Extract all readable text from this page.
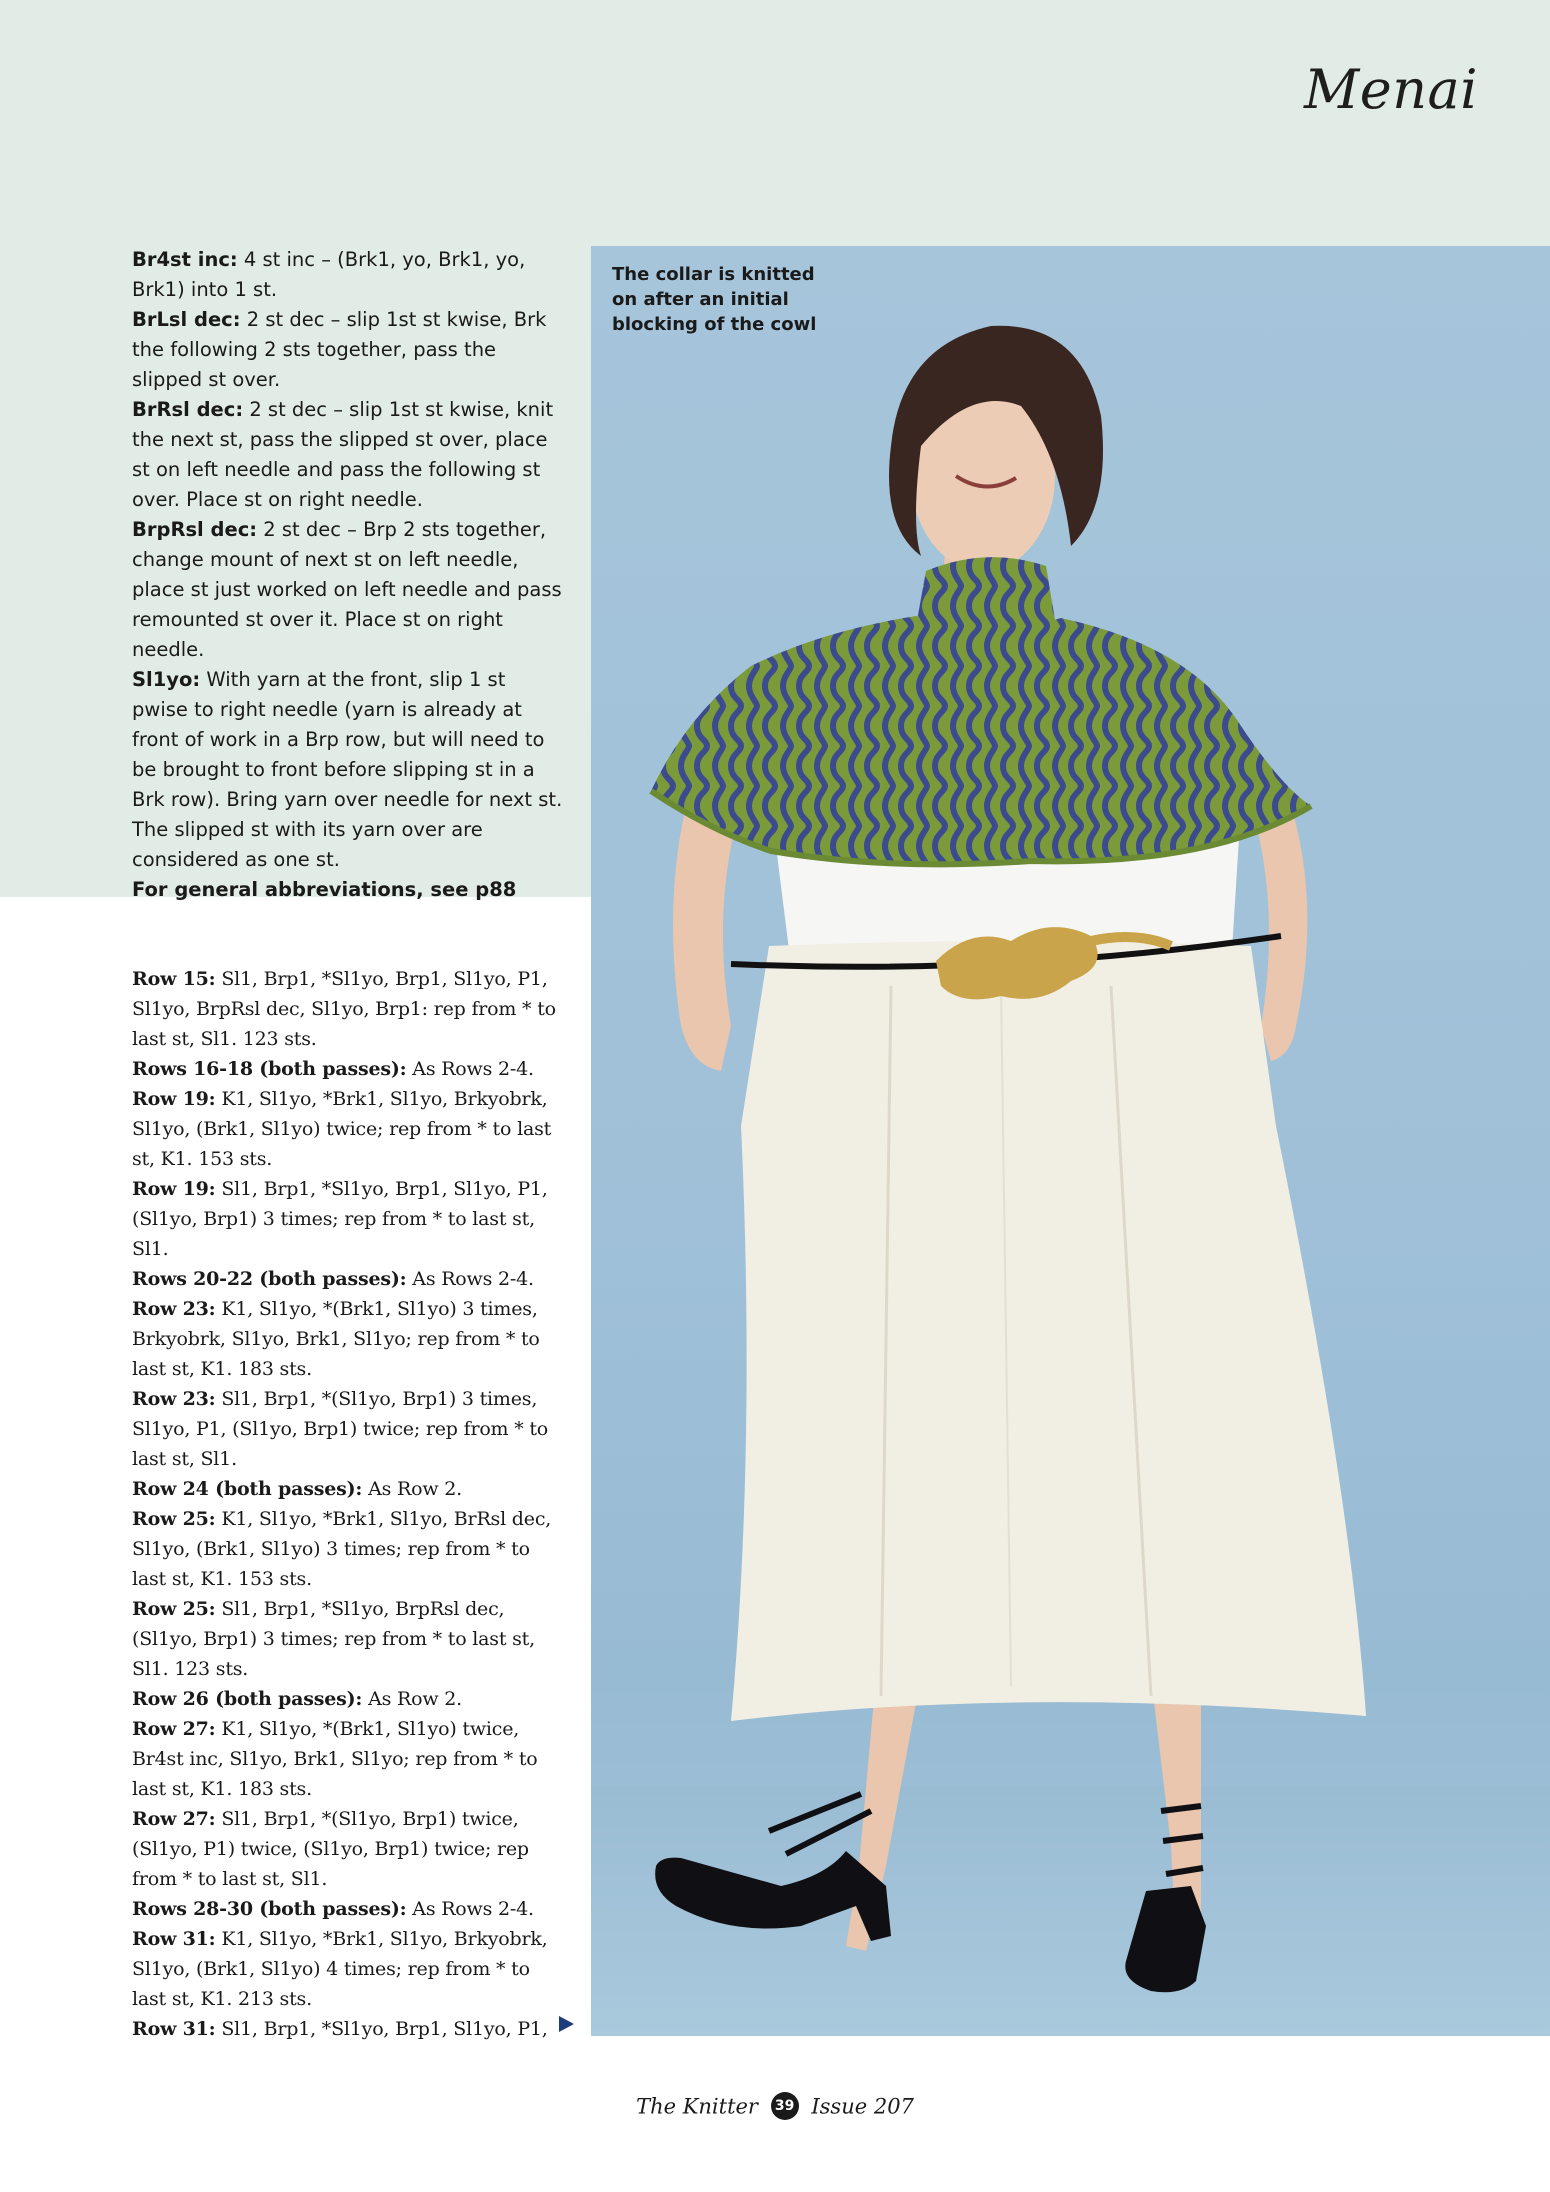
Menai

Br4st inc: 4 st inc – (Brk1, yo, Brk1, yo, Brk1) into 1 st.

BrLsl dec: 2 st dec – slip 1st st kwise, Brk the following 2 sts together, pass the slipped st over.

BrRsl dec: 2 st dec – slip 1st st kwise, knit the next st, pass the slipped st over, place st on left needle and pass the following st over. Place st on right needle.

BrpRsl dec: 2 st dec – Brp 2 sts together, change mount of next st on left needle, place st just worked on left needle and pass remounted st over it. Place st on right needle.

Sl1yo: With yarn at the front, slip 1 st pwise to right needle (yarn is already at front of work in a Brp row, but will need to be brought to front before slipping st in a Brk row). Bring yarn over needle for next st. The slipped st with its yarn over are considered as one st.

For general abbreviations, see p88

The collar is knitted on after an initial blocking of the cowl

Row 15: Sl1, Brp1, *Sl1yo, Brp1, Sl1yo, P1, Sl1yo, BrpRsl dec, Sl1yo, Brp1: rep from * to last st, Sl1. 123 sts.

Rows 16-18 (both passes): As Rows 2-4.

Row 19: K1, Sl1yo, *Brk1, Sl1yo, Brkyobrk, Sl1yo, (Brk1, Sl1yo) twice; rep from * to last st, K1. 153 sts.

Row 19: Sl1, Brp1, *Sl1yo, Brp1, Sl1yo, P1, (Sl1yo, Brp1) 3 times; rep from * to last st, Sl1.

Rows 20-22 (both passes): As Rows 2-4.

Row 23: K1, Sl1yo, *(Brk1, Sl1yo) 3 times, Brkyobrk, Sl1yo, Brk1, Sl1yo; rep from * to last st, K1. 183 sts.

Row 23: Sl1, Brp1, *(Sl1yo, Brp1) 3 times, Sl1yo, P1, (Sl1yo, Brp1) twice; rep from * to last st, Sl1.

Row 24 (both passes): As Row 2.

Row 25: K1, Sl1yo, *Brk1, Sl1yo, BrRsl dec, Sl1yo, (Brk1, Sl1yo) 3 times; rep from * to last st, K1. 153 sts.

Row 25: Sl1, Brp1, *Sl1yo, BrpRsl dec, (Sl1yo, Brp1) 3 times; rep from * to last st, Sl1. 123 sts.

Row 26 (both passes): As Row 2.

Row 27: K1, Sl1yo, *(Brk1, Sl1yo) twice, Br4st inc, Sl1yo, Brk1, Sl1yo; rep from * to last st, K1. 183 sts.

Row 27: Sl1, Brp1, *(Sl1yo, Brp1) twice, (Sl1yo, P1) twice, (Sl1yo, Brp1) twice; rep from * to last st, Sl1.

Rows 28-30 (both passes): As Rows 2-4.

Row 31: K1, Sl1yo, *Brk1, Sl1yo, Brkyobrk, Sl1yo, (Brk1, Sl1yo) 4 times; rep from * to last st, K1. 213 sts.

Row 31: Sl1, Brp1, *Sl1yo, Brp1, Sl1yo, P1,

The Knitter 39 Issue 207
